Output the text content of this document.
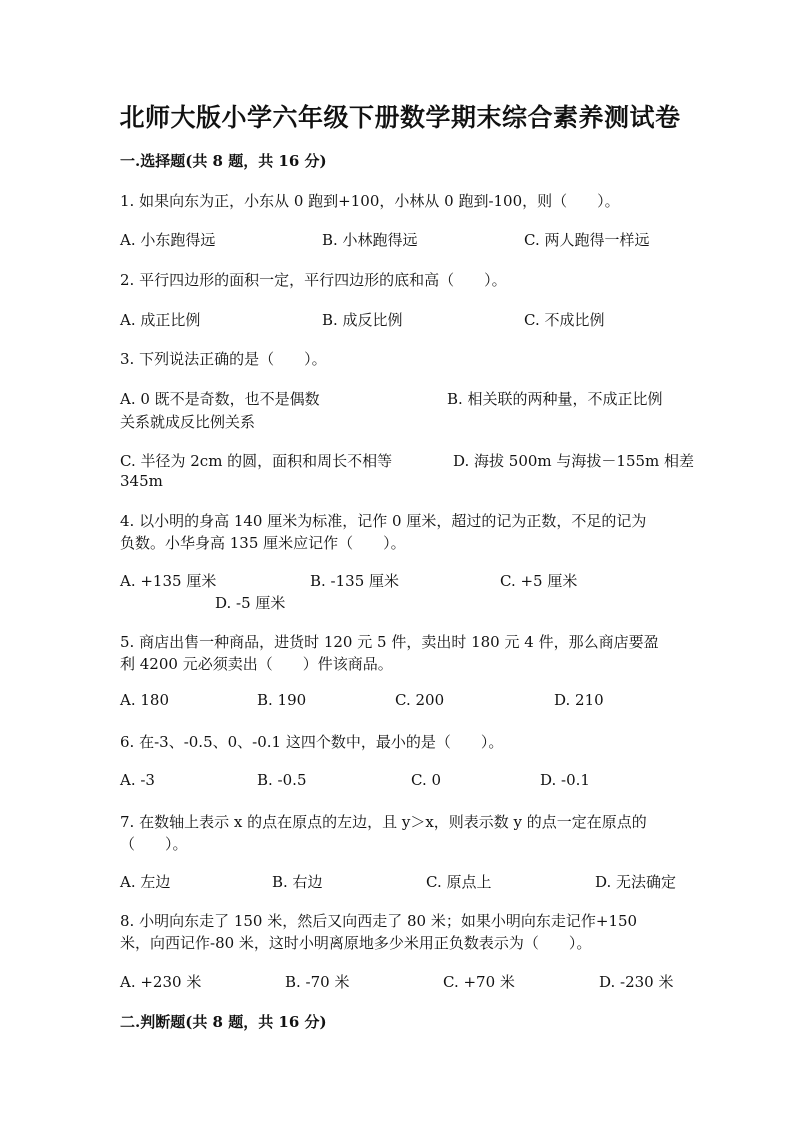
北师大版小学六年级下册数学期末综合素养测试卷
一.选择题(共 8 题，共 16 分)
1. 如果向东为正，小东从 0 跑到+100，小林从 0 跑到-100，则（　　）。
A. 小东跑得远	B. 小林跑得远	C. 两人跑得一样远
2. 平行四边形的面积一定，平行四边形的底和高（　　）。
A. 成正比例	B. 成反比例	C. 不成比例
3. 下列说法正确的是（　　）。
A. 0 既不是奇数，也不是偶数	B. 相关联的两种量，不成正比例
关系就成反比例关系
C. 半径为 2cm 的圆，面积和周长不相等	D. 海拔 500m 与海拔－155m 相差
345m
4. 以小明的身高 140 厘米为标准，记作 0 厘米，超过的记为正数，不足的记为
负数。小华身高 135 厘米应记作（　　）。
A. +135 厘米	B. -135 厘米	C. +5 厘米
D. -5 厘米
5. 商店出售一种商品，进货时 120 元 5 件，卖出时 180 元 4 件，那么商店要盈
利 4200 元必须卖出（　　）件该商品。
A. 180	B. 190	C. 200	D. 210
6. 在-3、-0.5、0、-0.1 这四个数中，最小的是（　　）。
A. -3	B. -0.5	C. 0	D. -0.1
7. 在数轴上表示 x 的点在原点的左边，且 y＞x，则表示数 y 的点一定在原点的
（　　）。
A. 左边	B. 右边	C. 原点上	D. 无法确定
8. 小明向东走了 150 米，然后又向西走了 80 米；如果小明向东走记作+150
米，向西记作-80 米，这时小明离原地多少米用正负数表示为（　　）。
A. +230 米	B. -70 米	C. +70 米	D. -230 米
二.判断题(共 8 题，共 16 分)
